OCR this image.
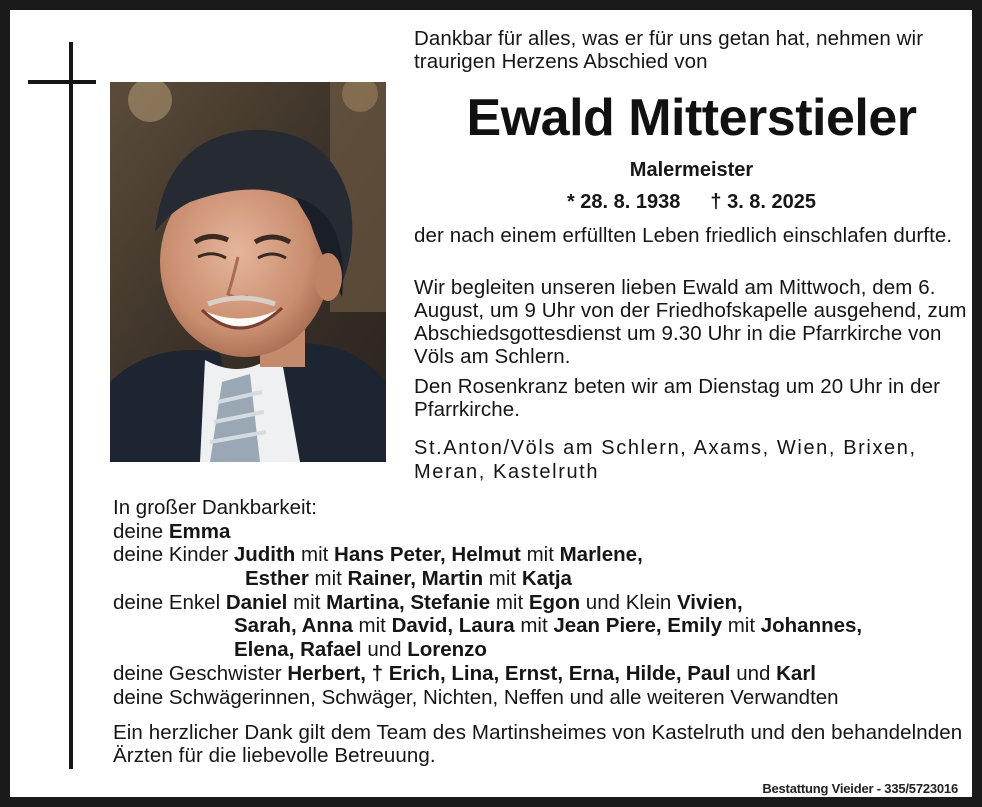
Dankbar für alles, was er für uns getan hat, nehmen wir traurigen Herzens Abschied von

Ewald Mitterstieler

Malermeister

* 28. 8. 1938 † 3. 8. 2025

der nach einem erfüllten Leben friedlich einschlafen durfte.

Wir begleiten unseren lieben Ewald am Mittwoch, dem 6. August, um 9 Uhr von der Friedhofskapelle ausgehend, zum Abschiedsgottesdienst um 9.30 Uhr in die Pfarrkirche von Völs am Schlern.

Den Rosenkranz beten wir am Dienstag um 20 Uhr in der Pfarrkirche.

St.Anton/Völs am Schlern, Axams, Wien, Brixen, Meran, Kastelruth

In großer Dankbarkeit:
deine Emma
deine Kinder Judith mit Hans Peter, Helmut mit Marlene,
Esther mit Rainer, Martin mit Katja
deine Enkel Daniel mit Martina, Stefanie mit Egon und Klein Vivien,
Sarah, Anna mit David, Laura mit Jean Piere, Emily mit Johannes,
Elena, Rafael und Lorenzo
deine Geschwister Herbert, † Erich, Lina, Ernst, Erna, Hilde, Paul und Karl
deine Schwägerinnen, Schwäger, Nichten, Neffen und alle weiteren Verwandten

Ein herzlicher Dank gilt dem Team des Martinsheimes von Kastelruth und den behandelnden Ärzten für die liebevolle Betreuung.

Bestattung Vieider - 335/5723016
